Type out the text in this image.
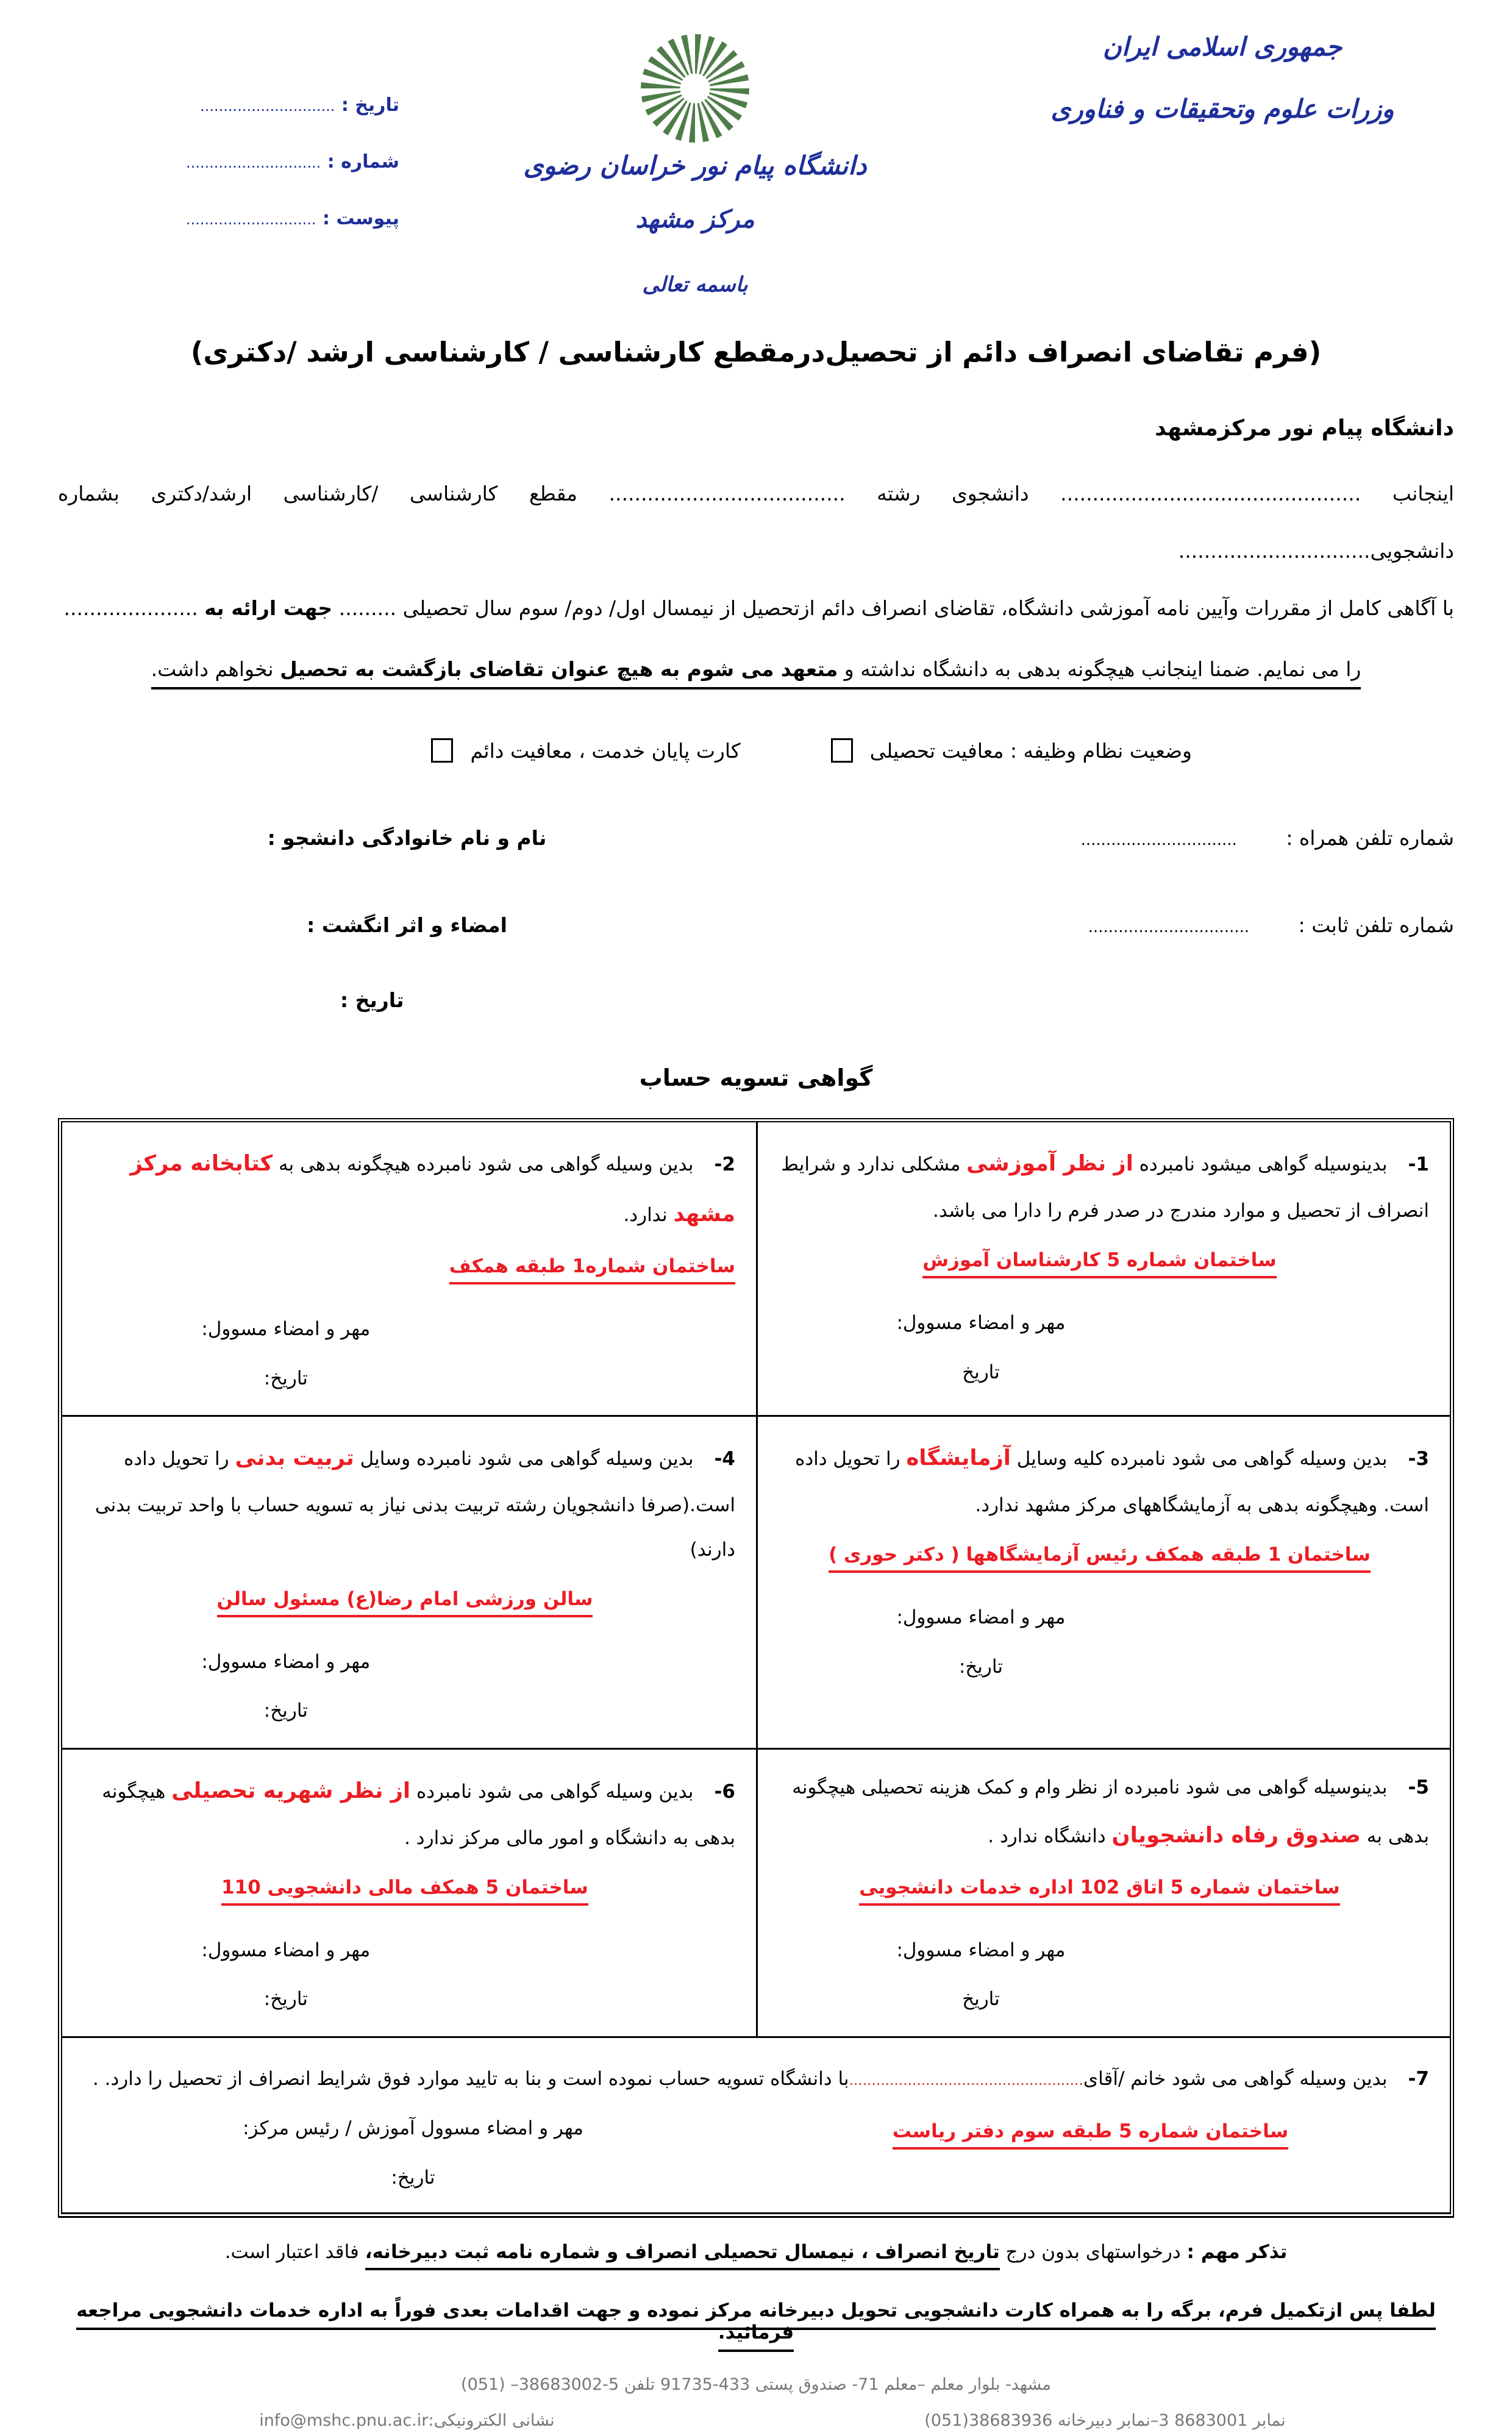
جمهوری اسلامی ایران
وزرات علوم وتحقیقات و فناوری
دانشگاه پیام نور خراسان رضوی
مرکز مشهد
باسمه تعالی
تاریخ : .............................
شماره : .............................
پیوست : ............................
(فرم تقاضای انصراف دائم از تحصیل‌درمقطع کارشناسی / کارشناسی ارشد /دکتری)
دانشگاه پیام نور مرکزمشهد
اینجانب ............................................... دانشجوی رشته ..................................... مقطع کارشناسی /کارشناسی ارشد/دکتری بشماره دانشجویی..............................
با آگاهی کامل از مقررات وآیین نامه آموزشی دانشگاه، تقاضای انصراف دائم ازتحصیل از نیمسال اول/ دوم/ سوم سال تحصیلی ......... جهت ارائه به .....................
را می نمایم. ضمنا اینجانب هیچگونه بدهی به دانشگاه نداشته و متعهد می شوم به هیچ عنوان تقاضای بازگشت به تحصیل نخواهم داشت.
وضعیت نظام وظیفه : معافیت تحصیلی
کارت پایان خدمت ، معافیت دائم
شماره تلفن همراه : ...............................
نام و نام خانوادگی دانشجو :
شماره تلفن ثابت : ................................
امضاء و اثر انگشت :
تاریخ :
گواهی تسویه حساب
1-بدینوسیله گواهی میشود نامبرده از نظر آموزشی مشکلی ندارد و شرایط انصراف از تحصیل و موارد مندرج در صدر فرم را دارا می باشد.
ساختمان شماره 5 کارشناسان آموزش
مهر و امضاء مسوول:
تاریخ
2-بدین وسیله گواهی می شود نامبرده هیچگونه بدهی به کتابخانه مرکز مشهد ندارد.
ساختمان شماره1 طبقه همکف
مهر و امضاء مسوول:
تاریخ:
3-بدین وسیله گواهی می شود نامبرده کلیه وسایل آزمایشگاه را تحویل داده است. وهیچگونه بدهی به آزمایشگاههای مرکز مشهد ندارد.
ساختمان 1 طبقه همکف رئیس آزمایشگاهها ( دکتر حوری )
مهر و امضاء مسوول:
تاریخ:
4-بدین وسیله گواهی می شود نامبرده وسایل تربیت بدنی را تحویل داده است.(صرفا دانشجویان رشته تربیت بدنی نیاز به تسویه حساب با واحد تربیت بدنی دارند)
سالن ورزشی امام رضا(ع) مسئول سالن
مهر و امضاء مسوول:
تاریخ:
5-بدینوسیله گواهی می شود نامبرده از نظر وام و کمک هزینه تحصیلی هیچگونه بدهی به صندوق رفاه دانشجویان دانشگاه ندارد .
ساختمان شماره 5 اتاق 102 اداره خدمات دانشجویی
مهر و امضاء مسوول:
تاریخ
6-بدین وسیله گواهی می شود نامبرده از نظر شهریه تحصیلی هیچگونه بدهی به دانشگاه و امور مالی مرکز ندارد .
ساختمان 5 همکف مالی دانشجویی 110
مهر و امضاء مسوول:
تاریخ:
7-بدین وسیله گواهی می شود خانم /آقای....................................................با دانشگاه تسویه حساب نموده است و بنا به تایید موارد فوق شرایط انصراف از تحصیل را دارد. .
ساختمان شماره 5 طبقه سوم دفتر ریاست
مهر و امضاء مسوول آموزش / رئیس مرکز:
تاریخ:
تذکر مهم : درخواستهای بدون درج تاریخ انصراف ، نیمسال تحصیلی انصراف و شماره نامه ثبت دبیرخانه، فاقد اعتبار است.
لطفا پس ازتکمیل فرم، برگه را به همراه کارت دانشجویی تحویل دبیرخانه مرکز نموده و جهت اقدامات بعدی فوراً به اداره خدمات دانشجویی مراجعه فرمائید.
مشهد- بلوار معلم –معلم 71- صندوق پستی 433-91735 تلفن 5-38683002– (051)
نمابر 8683001 3–نمابر دبیرخانه 38683936(051)
نشانی الکترونیکی:info@mshc.pnu.ac.ir
